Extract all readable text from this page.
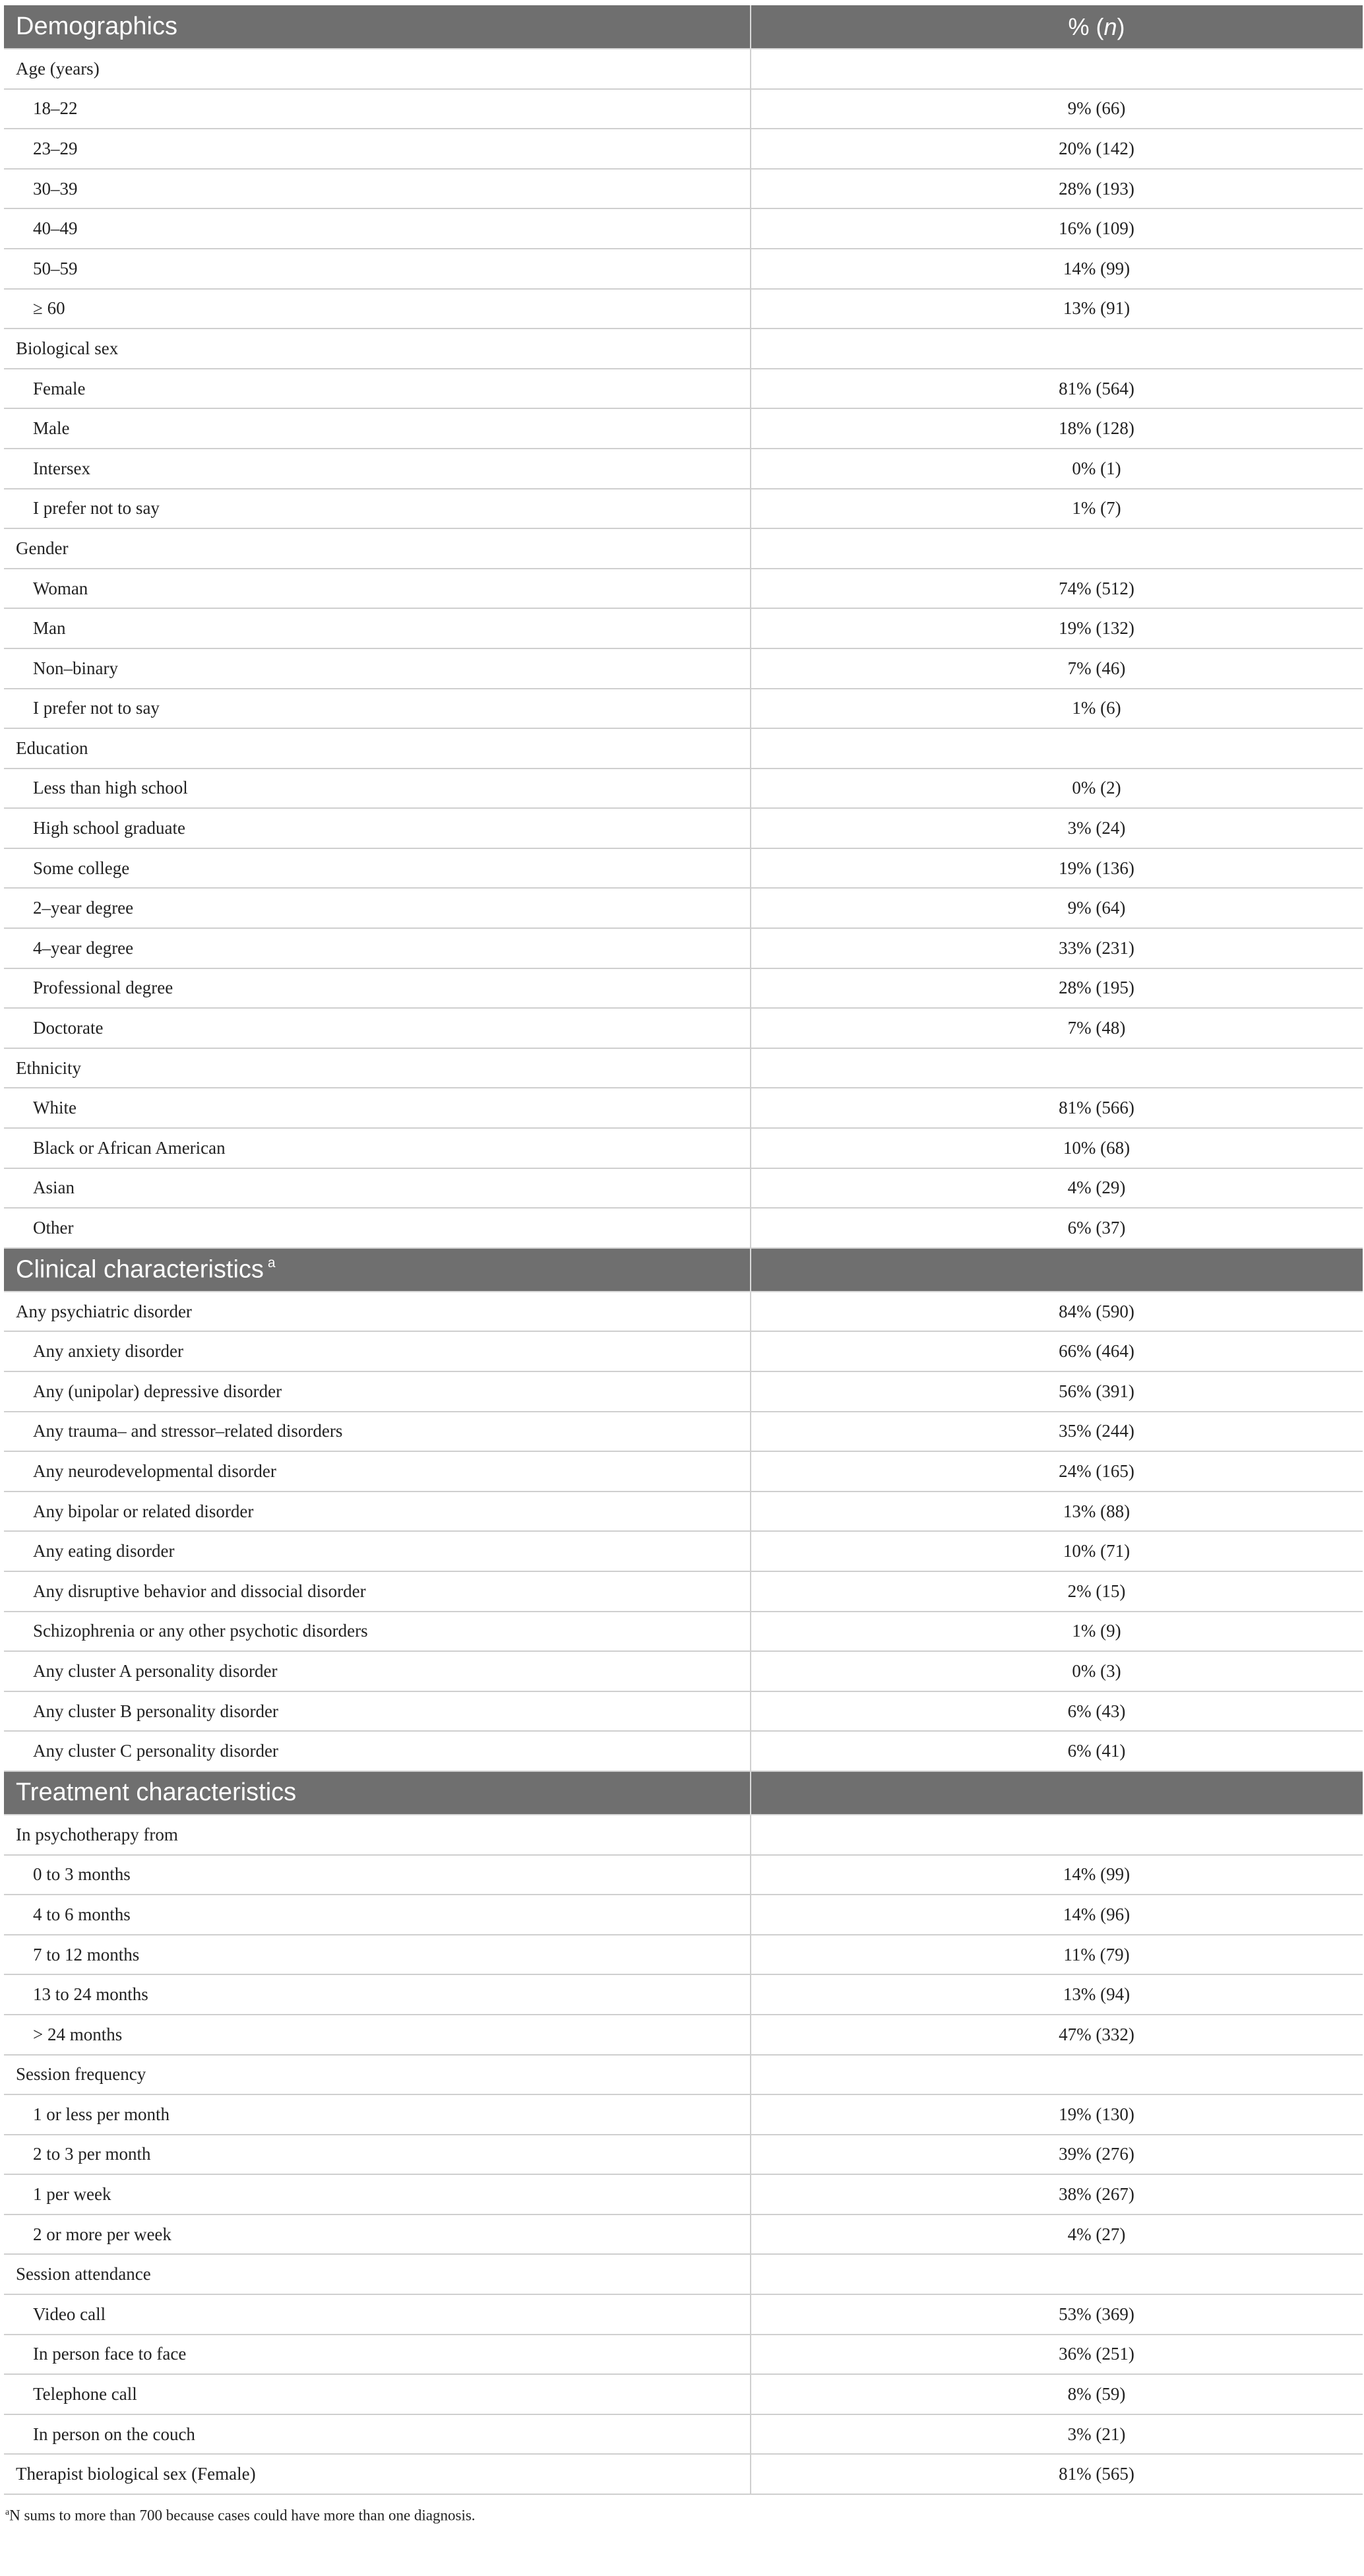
Demographics	% (n)
Age (years)	
18–22	9% (66)
23–29	20% (142)
30–39	28% (193)
40–49	16% (109)
50–59	14% (99)
≥ 60	13% (91)
Biological sex	
Female	81% (564)
Male	18% (128)
Intersex	0% (1)
I prefer not to say	1% (7)
Gender	
Woman	74% (512)
Man	19% (132)
Non–binary	7% (46)
I prefer not to say	1% (6)
Education	
Less than high school	0% (2)
High school graduate	3% (24)
Some college	19% (136)
2–year degree	9% (64)
4–year degree	33% (231)
Professional degree	28% (195)
Doctorate	7% (48)
Ethnicity	
White	81% (566)
Black or African American	10% (68)
Asian	4% (29)
Other	6% (37)
Clinical characteristics $^a$	
Any psychiatric disorder	84% (590)
Any anxiety disorder	66% (464)
Any (unipolar) depressive disorder	56% (391)
Any trauma– and stressor–related disorders	35% (244)
Any neurodevelopmental disorder	24% (165)
Any bipolar or related disorder	13% (88)
Any eating disorder	10% (71)
Any disruptive behavior and dissocial disorder	2% (15)
Schizophrenia or any other psychotic disorders	1% (9)
Any cluster A personality disorder	0% (3)
Any cluster B personality disorder	6% (43)
Any cluster C personality disorder	6% (41)
Treatment characteristics	
In psychotherapy from	
0 to 3 months	14% (99)
4 to 6 months	14% (96)
7 to 12 months	11% (79)
13 to 24 months	13% (94)
> 24 months	47% (332)
Session frequency	
1 or less per month	19% (130)
2 to 3 per month	39% (276)
1 per week	38% (267)
2 or more per week	4% (27)
Session attendance	
Video call	53% (369)
In person face to face	36% (251)
Telephone call	8% (59)
In person on the couch	3% (21)
Therapist biological sex (Female)	81% (565)
$^a$N sums to more than 700 because cases could have more than one diagnosis.
